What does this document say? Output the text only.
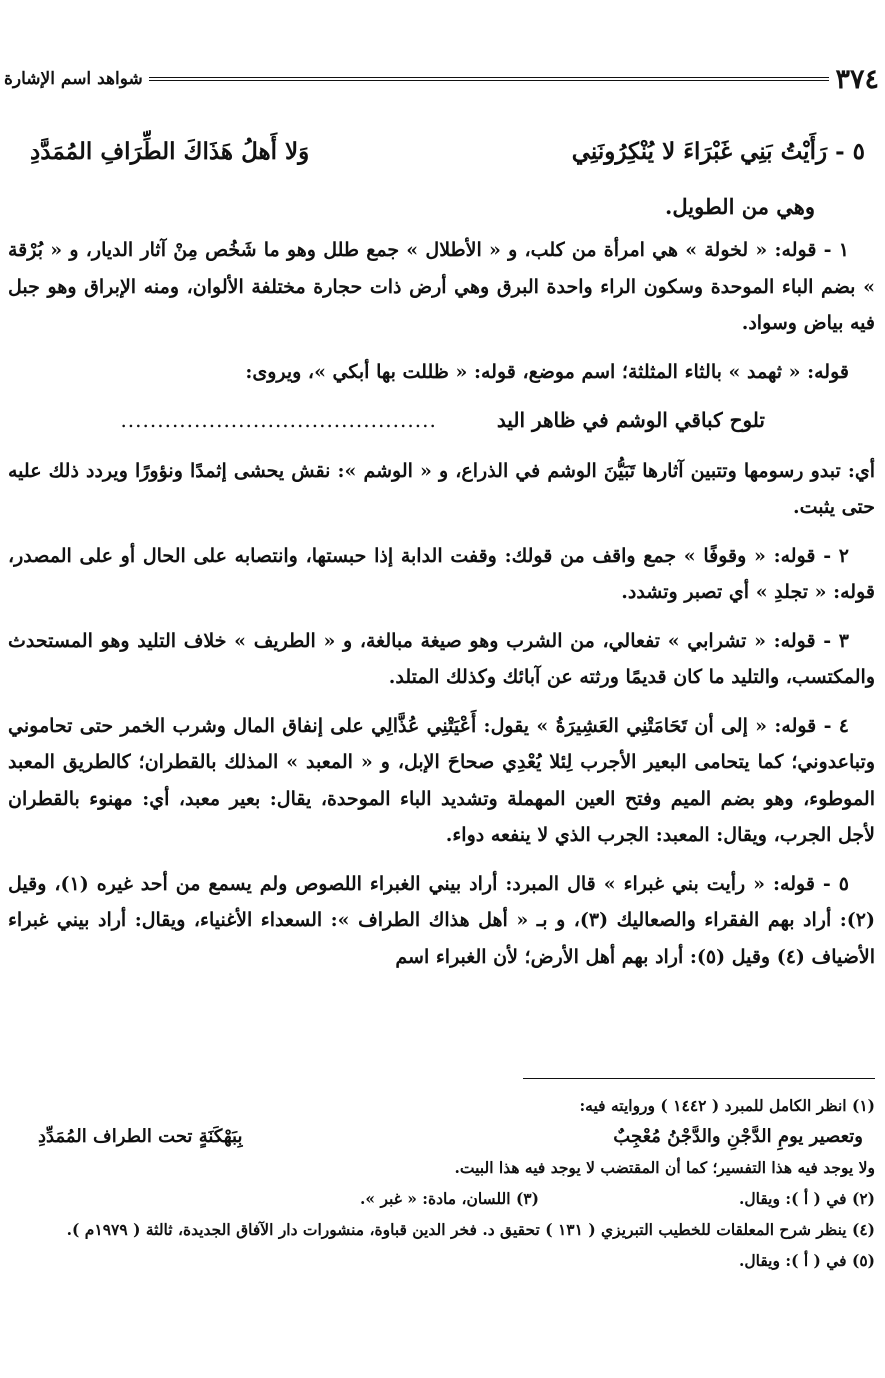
٣٧٤
شواهد اسم الإشارة
٥ - رَأَيْتُ بَنِي غَبْرَاءَ لا يُنْكِرُونَنِي
وَلا أَهلُ هَذَاكَ الطِّرَافِ المُمَدَّدِ
وهي من الطويل.

١ - قوله: « لخولة » هي امرأة من كلب، و « الأطلال » جمع طلل وهو ما شَخُص مِنْ آثار الديار، و « بُرْقة » بضم الباء الموحدة وسكون الراء واحدة البرق وهي أرض ذات حجارة مختلفة الألوان، ومنه الإبراق وهو جبل فيه بياض وسواد.

قوله: « ثهمد » بالثاء المثلثة؛ اسم موضع، قوله: « ظللت بها أبكي »، ويروى:

تلوح كباقي الوشم في ظاهر اليد
...........................................

أي: تبدو رسومها وتتبين آثارها تَبَيُّنَ الوشم في الذراع، و « الوشم »: نقش يحشى إثمدًا ونؤورًا ويردد ذلك عليه حتى يثبت.

٢ - قوله: « وقوفًا » جمع واقف من قولك: وقفت الدابة إذا حبستها، وانتصابه على الحال أو على المصدر، قوله: « تجلدِ » أي تصبر وتشدد.

٣ - قوله: « تشرابي » تفعالي، من الشرب وهو صيغة مبالغة، و « الطريف » خلاف التليد وهو المستحدث والمكتسب، والتليد ما كان قديمًا ورثته عن آبائك وكذلك المتلد.

٤ - قوله: « إلى أن تَحَامَتْنِي العَشِيرَةُ » يقول: أَعْيَتْنِي عُذَّالِي على إنفاق المال وشرب الخمر حتى تحاموني وتباعدوني؛ كما يتحامى البعير الأجرب لِئلا يُعْدِي صحاحَ الإبل، و « المعبد » المذلك بالقطران؛ كالطريق المعبد الموطوء، وهو بضم الميم وفتح العين المهملة وتشديد الباء الموحدة، يقال: بعير معبد، أي: مهنوء بالقطران لأجل الجرب، ويقال: المعبد: الجرب الذي لا ينفعه دواء.

٥ - قوله: « رأيت بني غبراء » قال المبرد: أراد بيني الغبراء اللصوص ولم يسمع من أحد غيره (١)، وقيل (٢): أراد بهم الفقراء والصعاليك (٣)، و بـ « أهل هذاك الطراف »: السعداء الأغنياء، ويقال: أراد بيني غبراء الأضياف (٤) وقيل (٥): أراد بهم أهل الأرض؛ لأن الغبراء اسم

(١) انظر الكامل للمبرد ( ١٤٤٢ ) وروايته فيه:
وتعصير يومِ الدَّجْنِ والدَّجْنُ مُعْجِبٌ
بِبَهْكَنَةٍ تحت الطراف المُمَدِّدِ
ولا يوجد فيه هذا التفسير؛ كما أن المقتضب لا يوجد فيه هذا البيت.
(٢) في ( أ ): ويقال.
(٣) اللسان، مادة: « غبر ».
(٤) ينظر شرح المعلقات للخطيب التبريزي ( ١٣١ ) تحقيق د. فخر الدين قباوة، منشورات دار الآفاق الجديدة، ثالثة ( ١٩٧٩م ).
(٥) في ( أ ): ويقال.
